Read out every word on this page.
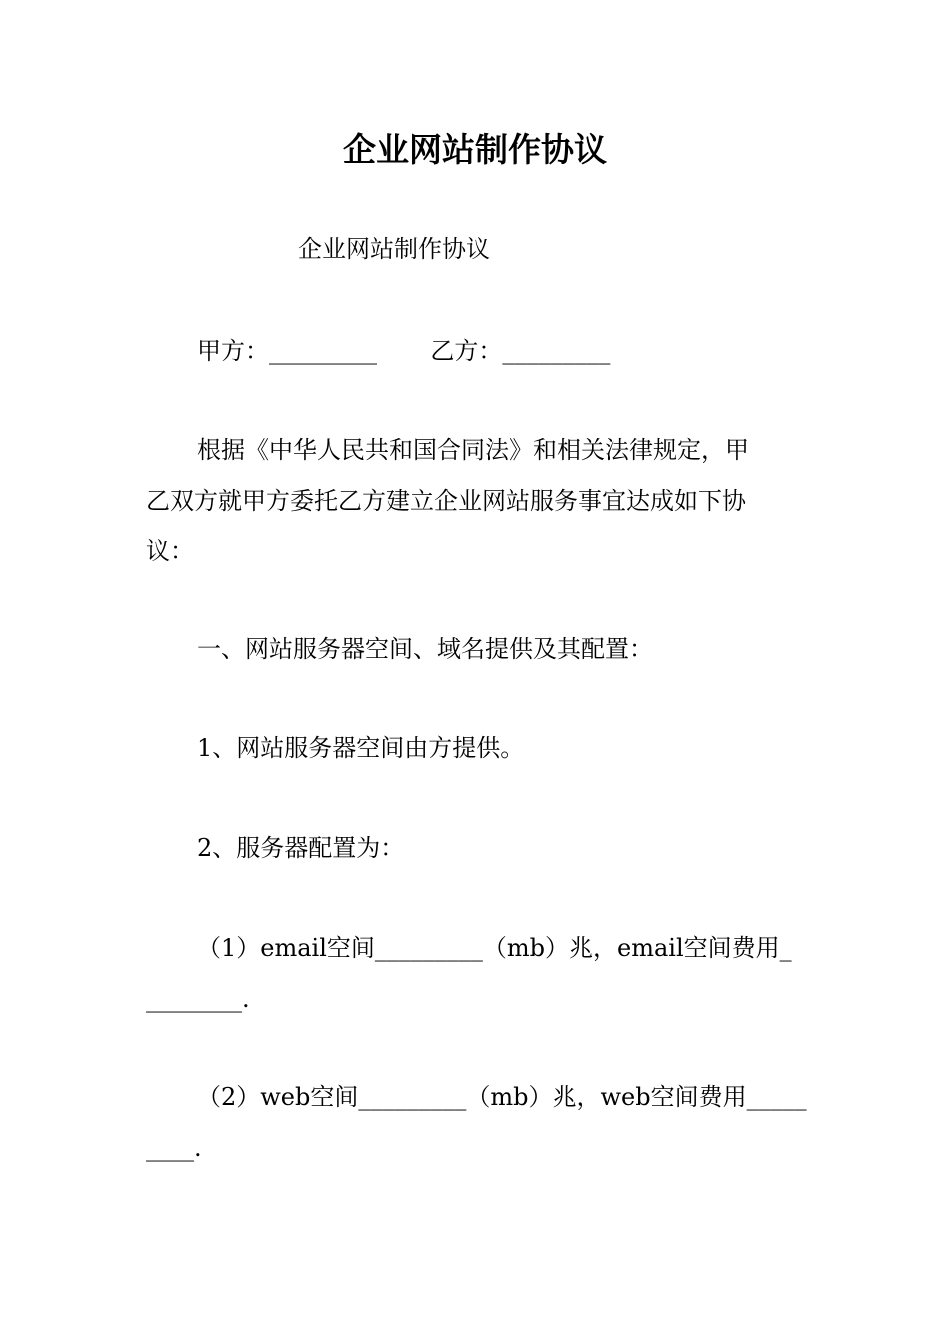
企业网站制作协议
企业网站制作协议
甲方：_________       乙方：_________
根据《中华人民共和国合同法》和相关法律规定，甲
乙双方就甲方委托乙方建立企业网站服务事宜达成如下协
议：
一、网站服务器空间、域名提供及其配置：
1、网站服务器空间由方提供。
2、服务器配置为：
（1）email空间_________（mb）兆，email空间费用_
________.
（2）web空间_________（mb）兆，web空间费用_____
____.
